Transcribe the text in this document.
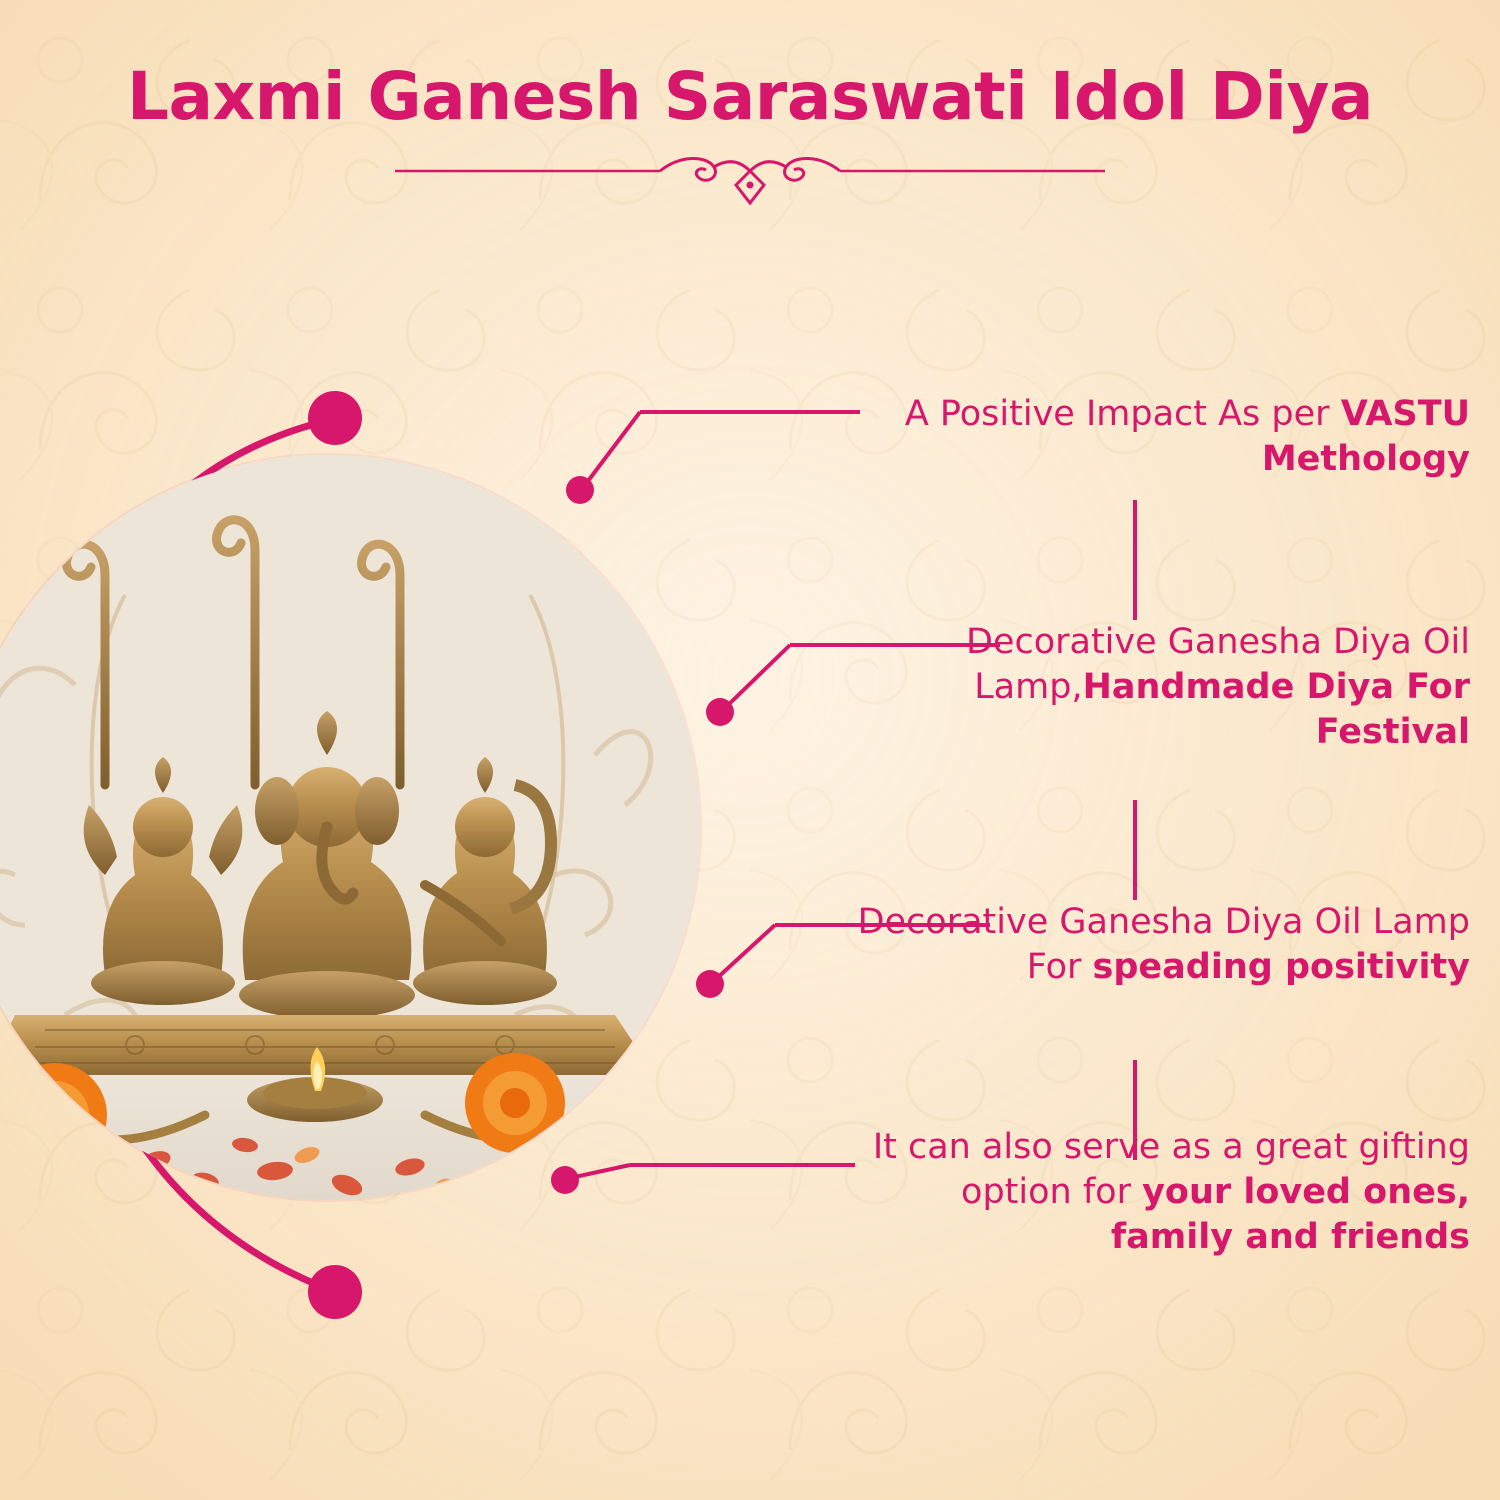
Laxmi Ganesh Saraswati Idol Diya
A Positive Impact As per VASTU Methology
Decorative Ganesha Diya Oil Lamp,Handmade Diya For Festival
Decorative Ganesha Diya Oil Lamp For speading positivity
It can also serve as a great gifting option for your loved ones, family and friends
